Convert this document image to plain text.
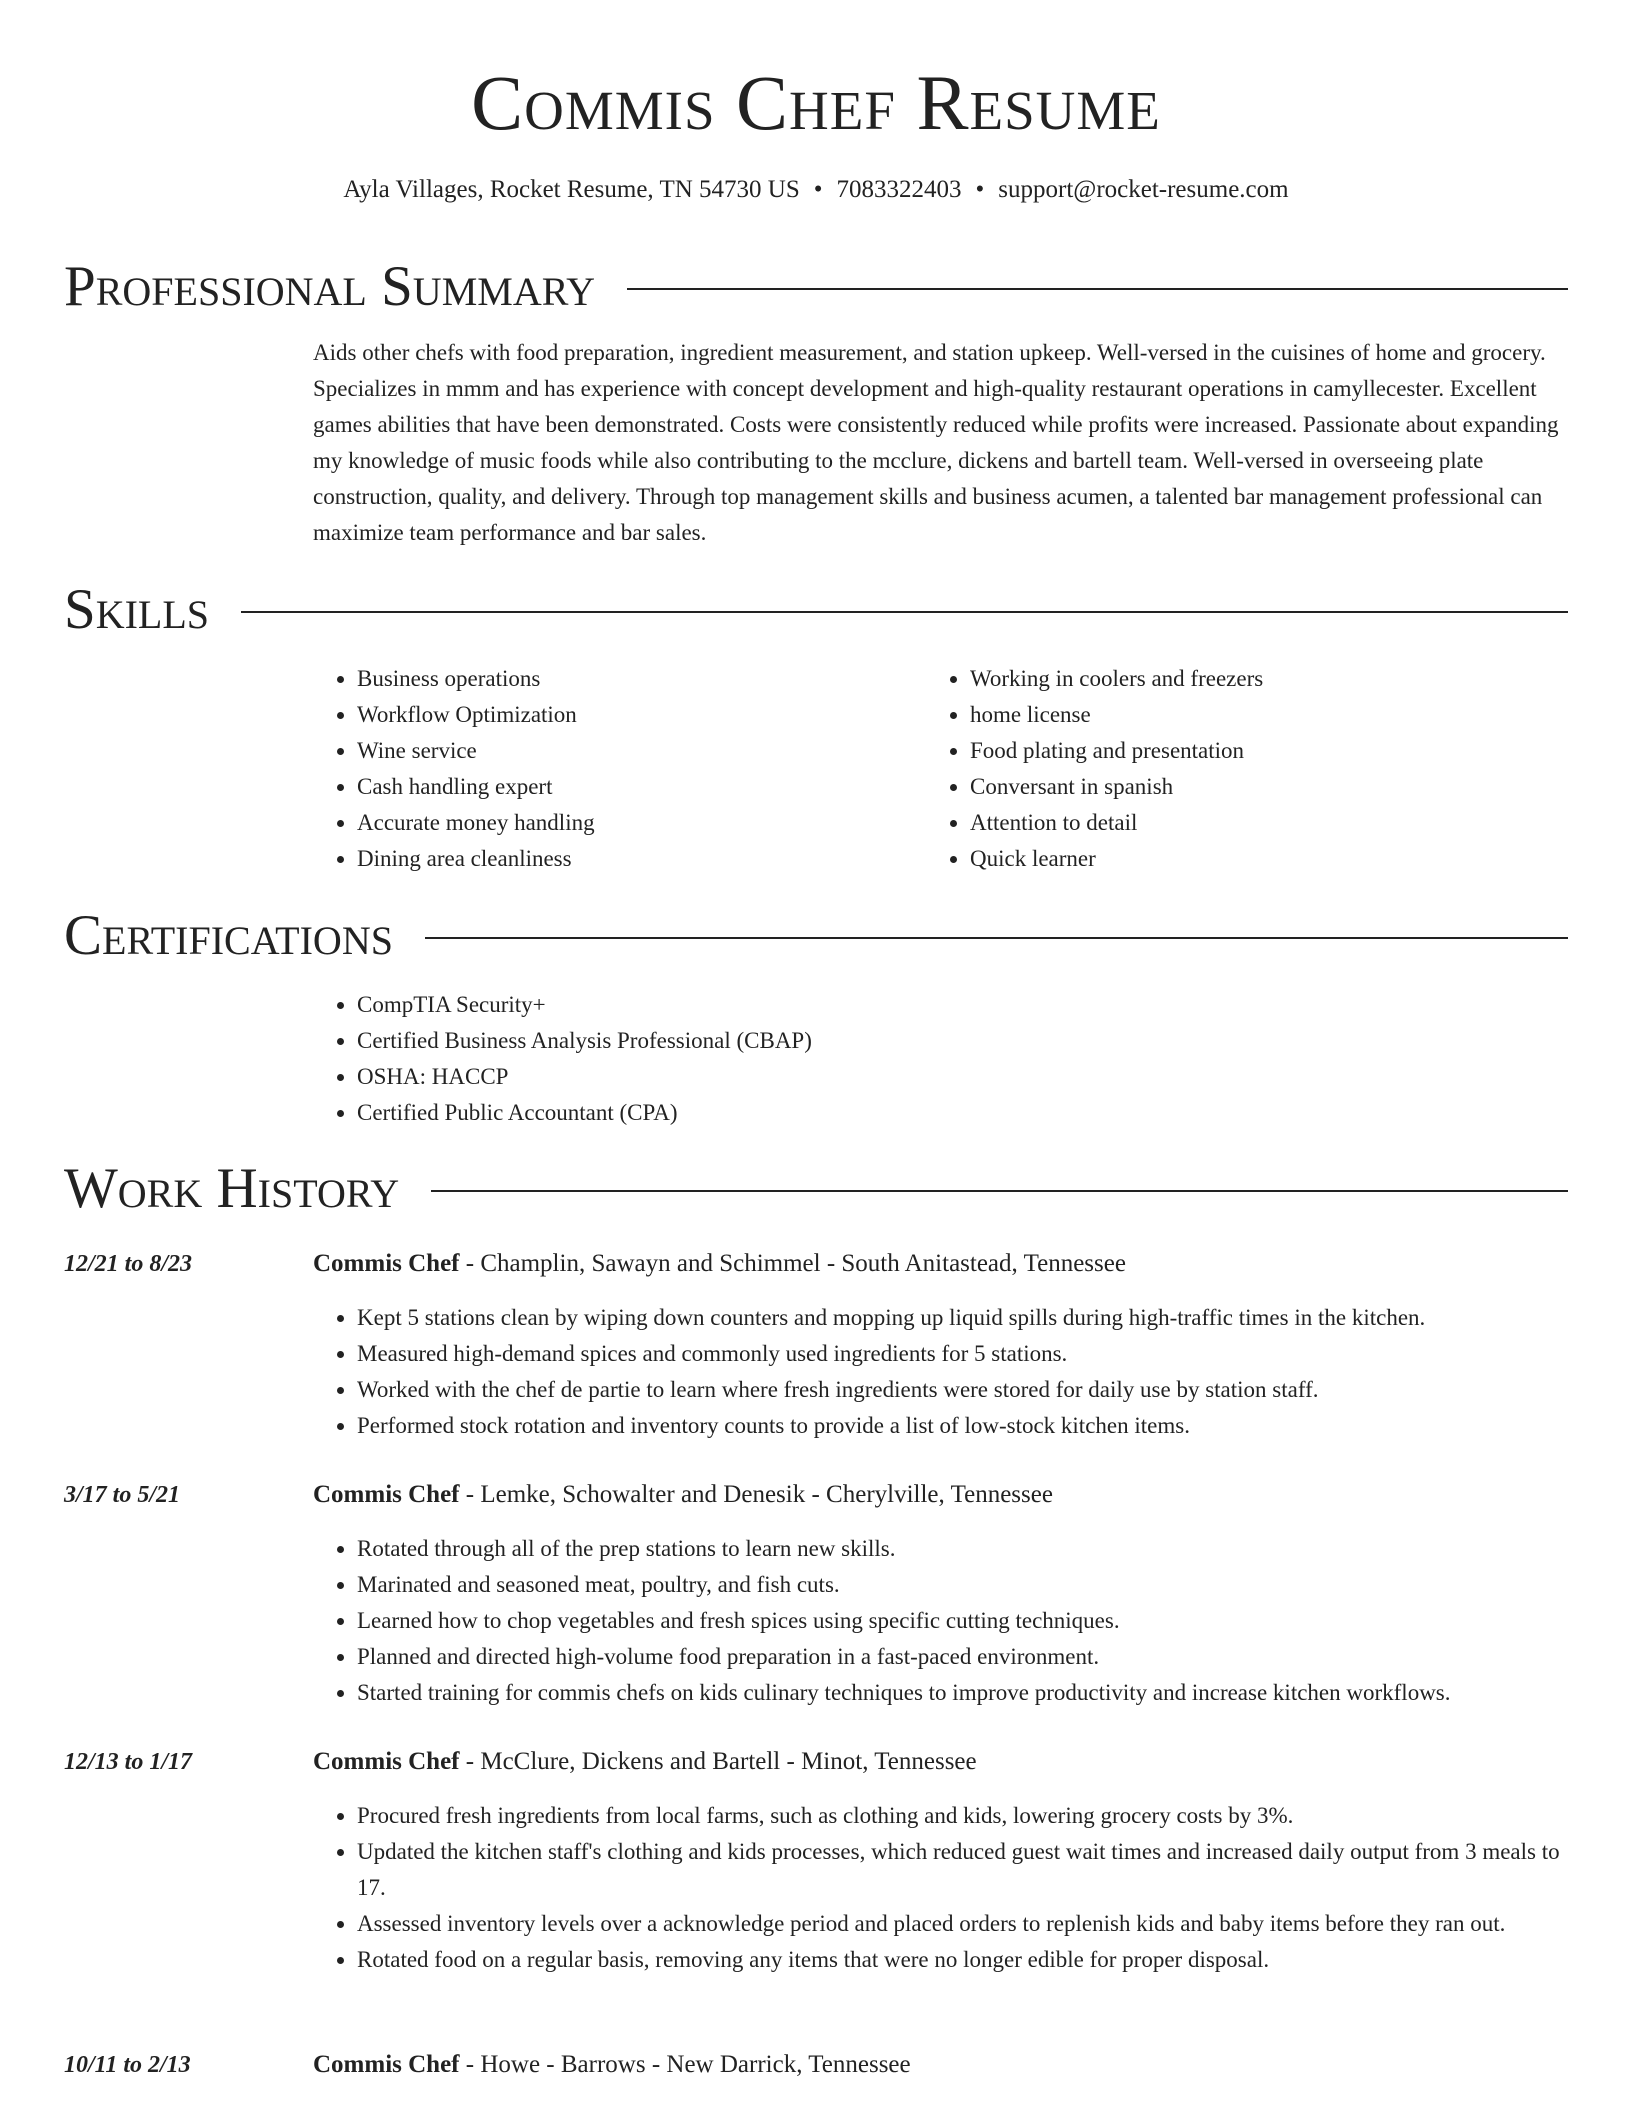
Commis Chef Resume
Ayla Villages, Rocket Resume, TN 54730 US • 7083322403 • support@rocket-resume.com
Professional Summary

Aids other chefs with food preparation, ingredient measurement, and station upkeep. Well-versed in the cuisines of home and grocery. Specializes in mmm and has experience with concept development and high-quality restaurant operations in camyllecester. Excellent games abilities that have been demonstrated. Costs were consistently reduced while profits were increased. Passionate about expanding my knowledge of music foods while also contributing to the mcclure, dickens and bartell team. Well-versed in overseeing plate construction, quality, and delivery. Through top management skills and business acumen, a talented bar management professional can maximize team performance and bar sales.

Skills
• Business operations
• Workflow Optimization
• Wine service
• Cash handling expert
• Accurate money handling
• Dining area cleanliness
• Working in coolers and freezers
• home license
• Food plating and presentation
• Conversant in spanish
• Attention to detail
• Quick learner
Certifications
• CompTIA Security+
• Certified Business Analysis Professional (CBAP)
• OSHA: HACCP
• Certified Public Accountant (CPA)
Work History
12/21 to 8/23	Commis Chef - Champlin, Sawayn and Schimmel - South Anitastead, Tennessee
• Kept 5 stations clean by wiping down counters and mopping up liquid spills during high-traffic times in the kitchen.
• Measured high-demand spices and commonly used ingredients for 5 stations.
• Worked with the chef de partie to learn where fresh ingredients were stored for daily use by station staff.
• Performed stock rotation and inventory counts to provide a list of low-stock kitchen items.
3/17 to 5/21	Commis Chef - Lemke, Schowalter and Denesik - Cherylville, Tennessee
• Rotated through all of the prep stations to learn new skills.
• Marinated and seasoned meat, poultry, and fish cuts.
• Learned how to chop vegetables and fresh spices using specific cutting techniques.
• Planned and directed high-volume food preparation in a fast-paced environment.
• Started training for commis chefs on kids culinary techniques to improve productivity and increase kitchen workflows.
12/13 to 1/17	Commis Chef - McClure, Dickens and Bartell - Minot, Tennessee
• Procured fresh ingredients from local farms, such as clothing and kids, lowering grocery costs by 3%.
• Updated the kitchen staff's clothing and kids processes, which reduced guest wait times and increased daily output from 3 meals to 17.
• Assessed inventory levels over a acknowledge period and placed orders to replenish kids and baby items before they ran out.
• Rotated food on a regular basis, removing any items that were no longer edible for proper disposal.
10/11 to 2/13	Commis Chef - Howe - Barrows - New Darrick, Tennessee
